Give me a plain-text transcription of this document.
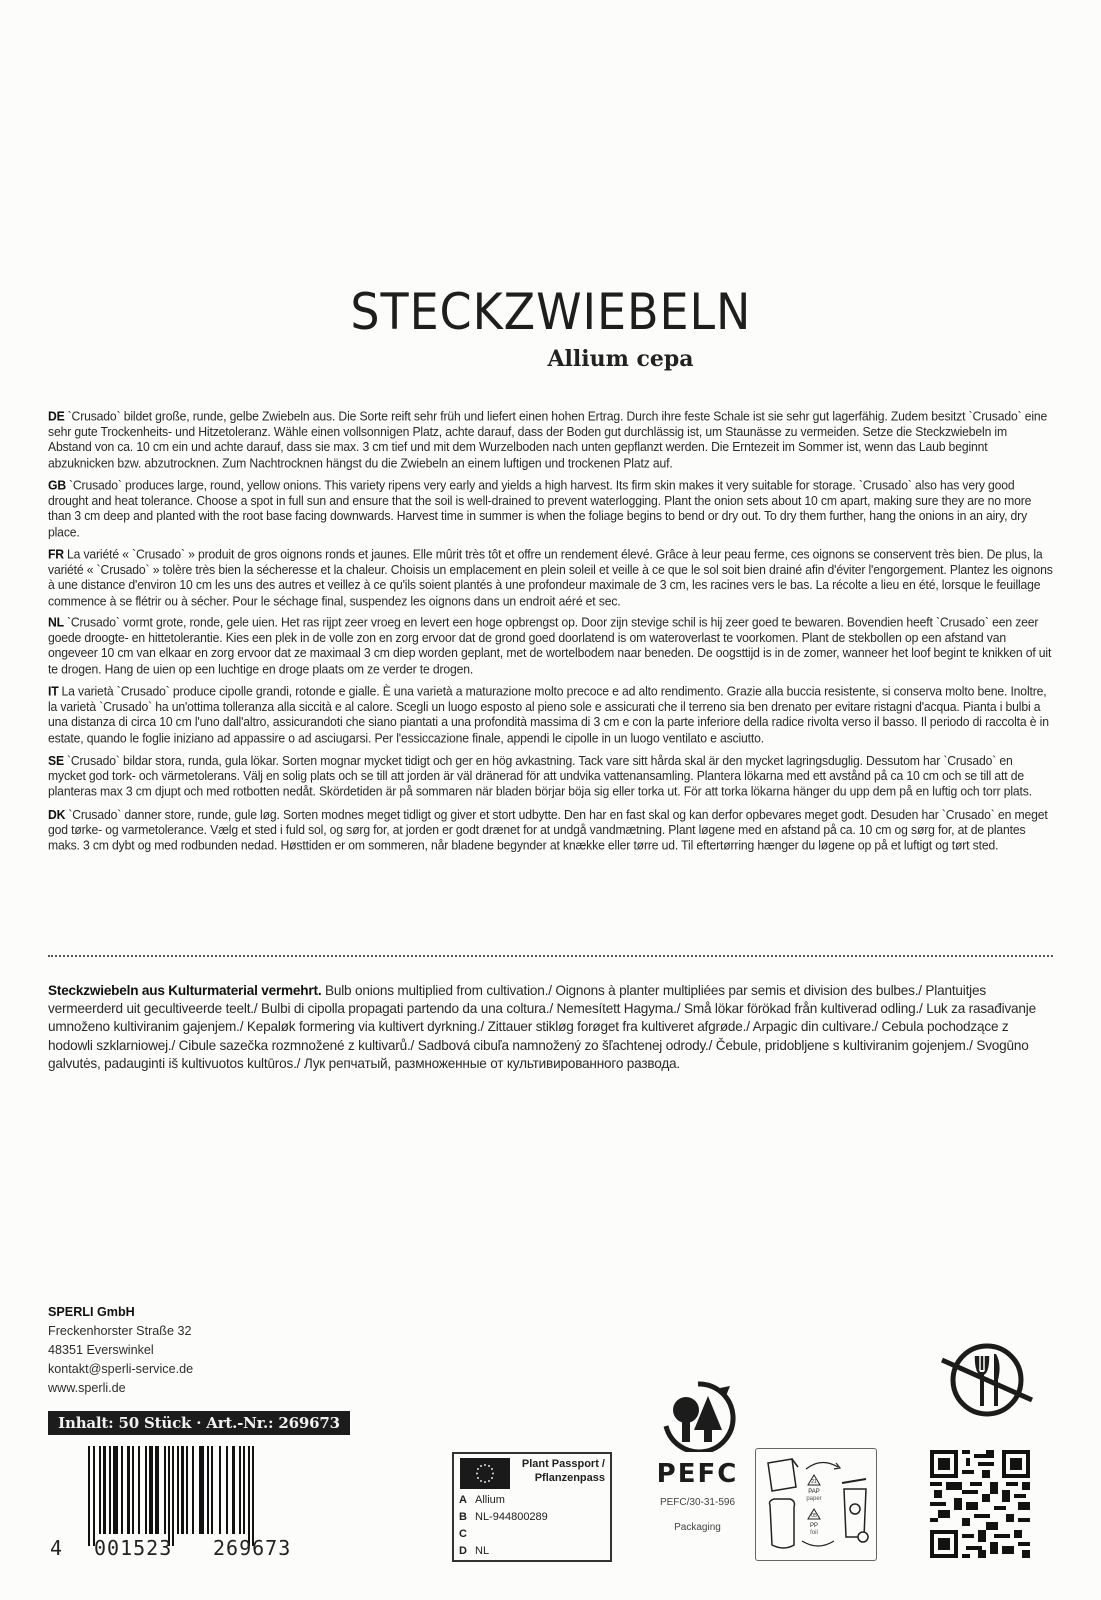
STECKZWIEBELN
Allium cepa

DE `Crusado` bildet große, runde, gelbe Zwiebeln aus. Die Sorte reift sehr früh und liefert einen hohen Ertrag. Durch ihre feste Schale ist sie sehr gut lagerfähig. Zudem besitzt `Crusado` eine sehr gute Trockenheits- und Hitzetoleranz. Wähle einen vollsonnigen Platz, achte darauf, dass der Boden gut durchlässig ist, um Staunässe zu vermeiden. Setze die Steckzwiebeln im Abstand von ca. 10 cm ein und achte darauf, dass sie max. 3 cm tief und mit dem Wurzelboden nach unten gepflanzt werden. Die Erntezeit im Sommer ist, wenn das Laub beginnt abzuknicken bzw. abzutrocknen. Zum Nachtrocknen hängst du die Zwiebeln an einem luftigen und trockenen Platz auf.

GB `Crusado` produces large, round, yellow onions. This variety ripens very early and yields a high harvest. Its firm skin makes it very suitable for storage. `Crusado` also has very good drought and heat tolerance. Choose a spot in full sun and ensure that the soil is well-drained to prevent waterlogging. Plant the onion sets about 10 cm apart, making sure they are no more than 3 cm deep and planted with the root base facing downwards. Harvest time in summer is when the foliage begins to bend or dry out. To dry them further, hang the onions in an airy, dry place.

FR La variété « `Crusado` » produit de gros oignons ronds et jaunes. Elle mûrit très tôt et offre un rendement élevé. Grâce à leur peau ferme, ces oignons se conservent très bien. De plus, la variété « `Crusado` » tolère très bien la sécheresse et la chaleur. Choisis un emplacement en plein soleil et veille à ce que le sol soit bien drainé afin d'éviter l'engorgement. Plantez les oignons à une distance d'environ 10 cm les uns des autres et veillez à ce qu'ils soient plantés à une profondeur maximale de 3 cm, les racines vers le bas. La récolte a lieu en été, lorsque le feuillage commence à se flétrir ou à sécher. Pour le séchage final, suspendez les oignons dans un endroit aéré et sec.

NL `Crusado` vormt grote, ronde, gele uien. Het ras rijpt zeer vroeg en levert een hoge opbrengst op. Door zijn stevige schil is hij zeer goed te bewaren. Bovendien heeft `Crusado` een zeer goede droogte- en hittetolerantie. Kies een plek in de volle zon en zorg ervoor dat de grond goed doorlatend is om wateroverlast te voorkomen. Plant de stekbollen op een afstand van ongeveer 10 cm van elkaar en zorg ervoor dat ze maximaal 3 cm diep worden geplant, met de wortelbodem naar beneden. De oogsttijd is in de zomer, wanneer het loof begint te knikken of uit te drogen. Hang de uien op een luchtige en droge plaats om ze verder te drogen.

IT La varietà `Crusado` produce cipolle grandi, rotonde e gialle. È una varietà a maturazione molto precoce e ad alto rendimento. Grazie alla buccia resistente, si conserva molto bene. Inoltre, la varietà `Crusado` ha un'ottima tolleranza alla siccità e al calore. Scegli un luogo esposto al pieno sole e assicurati che il terreno sia ben drenato per evitare ristagni d'acqua. Pianta i bulbi a una distanza di circa 10 cm l'uno dall'altro, assicurandoti che siano piantati a una profondità massima di 3 cm e con la parte inferiore della radice rivolta verso il basso. Il periodo di raccolta è in estate, quando le foglie iniziano ad appassire o ad asciugarsi. Per l'essiccazione finale, appendi le cipolle in un luogo ventilato e asciutto.

SE `Crusado` bildar stora, runda, gula lökar. Sorten mognar mycket tidigt och ger en hög avkastning. Tack vare sitt hårda skal är den mycket lagringsduglig. Dessutom har `Crusado` en mycket god tork- och värmetolerans. Välj en solig plats och se till att jorden är väl dränerad för att undvika vattenansamling. Plantera lökarna med ett avstånd på ca 10 cm och se till att de planteras max 3 cm djupt och med rotbotten nedåt. Skördetiden är på sommaren när bladen börjar böja sig eller torka ut. För att torka lökarna hänger du upp dem på en luftig och torr plats.

DK `Crusado` danner store, runde, gule løg. Sorten modnes meget tidligt og giver et stort udbytte. Den har en fast skal og kan derfor opbevares meget godt. Desuden har `Crusado` en meget god tørke- og varmetolerance. Vælg et sted i fuld sol, og sørg for, at jorden er godt drænet for at undgå vandmætning. Plant løgene med en afstand på ca. 10 cm og sørg for, at de plantes maks. 3 cm dybt og med rodbunden nedad. Høsttiden er om sommeren, når bladene begynder at knække eller tørre ud. Til eftertørring hænger du løgene op på et luftigt og tørt sted.

Steckzwiebeln aus Kulturmaterial vermehrt. Bulb onions multiplied from cultivation./ Oignons à planter multipliées par semis et division des bulbes./ Plantuitjes vermeerderd uit gecultiveerde teelt./ Bulbi di cipolla propagati partendo da una coltura./ Nemesített Hagyma./ Små lökar förökad från kultiverad odling./ Luk za rasađivanje umnoženo kultiviranim gajenjem./ Kepaløk formering via kultivert dyrkning./ Zittauer stikløg forøget fra kultiveret afgrøde./ Arpagic din cultivare./ Cebula pochodzące z hodowli szklarniowej./ Cibule sazečka rozmnožené z kultivarů./ Sadbová cibuľa namnožený zo šľachtenej odrody./ Čebule, pridobljene s kultiviranim gojenjem./ Svogūno galvutės, padauginti iš kultivuotos kultūros./ Лук репчатый, размноженные от культивированного развода.

SPERLI GmbH
Freckenhorster Straße 32
48351 Everswinkel
kontakt@sperli-service.de
www.sperli.de
Inhalt: 50 Stück · Art.-Nr.: 269673
4 001523 269673
Plant Passport /
Pflanzenpass
A Allium
B NL-944800289
C
D NL
PEFC
PEFC/30-31-596
Packaging
21
PAP
paper
05
PP
foil
